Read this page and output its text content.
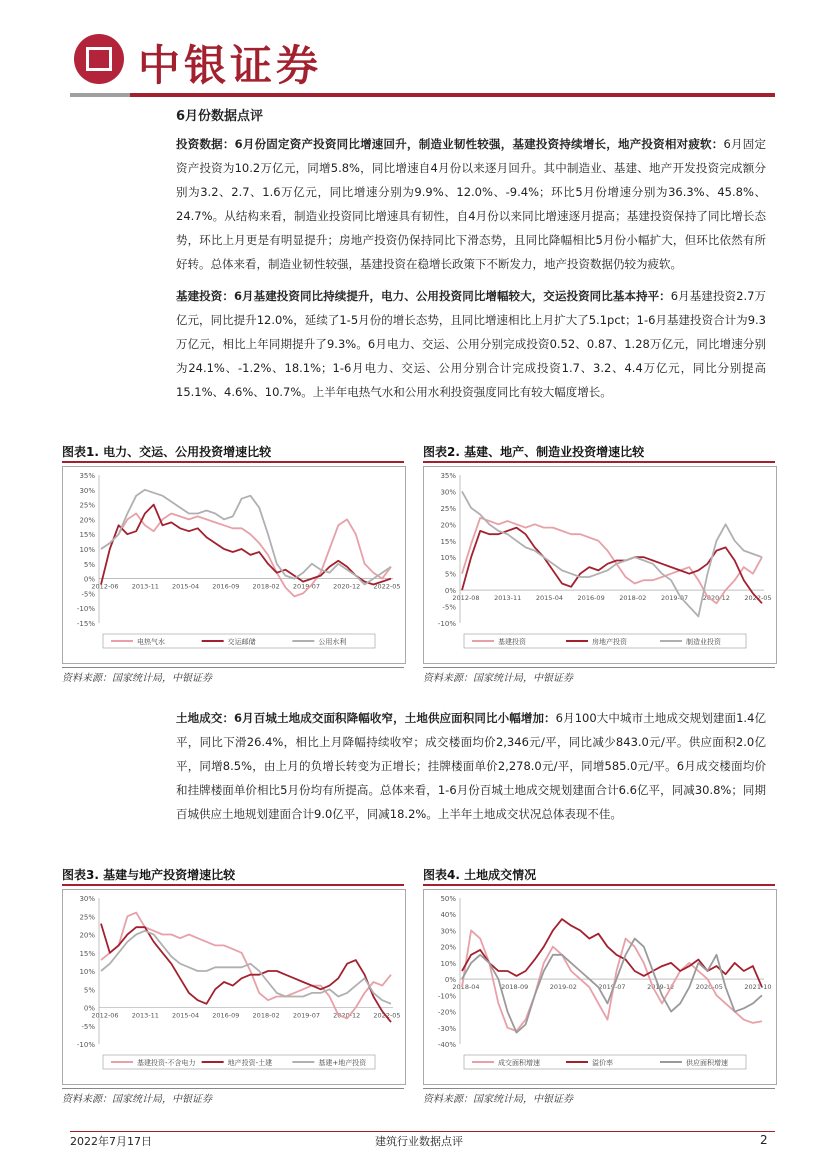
中银证券
6月份数据点评
投资数据：6月份固定资产投资同比增速回升，制造业韧性较强，基建投资持续增长，地产投资相对疲软：6月固定资产投资为10.2万亿元，同增5.8%，同比增速自4月份以来逐月回升。其中制造业、基建、地产开发投资完成额分别为3.2、2.7、1.6万亿元，同比增速分别为9.9%、12.0%、-9.4%；环比5月份增速分别为36.3%、45.8%、24.7%。从结构来看，制造业投资同比增速具有韧性，自4月份以来同比增速逐月提高；基建投资保持了同比增长态势，环比上月更是有明显提升；房地产投资仍保持同比下滑态势，且同比降幅相比5月份小幅扩大，但环比依然有所好转。总体来看，制造业韧性较强，基建投资在稳增长政策下不断发力，地产投资数据仍较为疲软。
基建投资：6月基建投资同比持续提升，电力、公用投资同比增幅较大，交运投资同比基本持平：6月基建投资2.7万亿元，同比提升12.0%，延续了1-5月份的增长态势，且同比增速相比上月扩大了5.1pct；1-6月基建投资合计为9.3万亿元，相比上年同期提升了9.3%。6月电力、交运、公用分别完成投资0.52、0.87、1.28万亿元，同比增速分别为24.1%、-1.2%、18.1%；1-6月电力、交运、公用分别合计完成投资1.7、3.2、4.4万亿元，同比分别提高15.1%、4.6%、10.7%。上半年电热气水和公用水利投资强度同比有较大幅度增长。
图表1. 电力、交运、公用投资增速比较
35%
30%
25%
20%
15%
10%
5%
0%
-5%
-10%
-15%
2012-06 2013-11 2015-04 2016-09 2018-02 2019-07 2020-12 2022-05
电热气水	交运邮储	公用水利
资料来源：国家统计局，中银证券
图表2. 基建、地产、制造业投资增速比较
35%
30%
25%
20%
15%
10%
5%
0%
-5%
-10%
2012-08 2013-11 2015-04 2016-09 2018-02 2019-07 2020-12 2022-05
基建投资	房地产投资	制造业投资
资料来源：国家统计局，中银证券
土地成交：6月百城土地成交面积降幅收窄，土地供应面积同比小幅增加：6月100大中城市土地成交规划建面1.4亿平，同比下滑26.4%，相比上月降幅持续收窄；成交楼面均价2,346元/平，同比减少843.0元/平。供应面积2.0亿平，同增8.5%，由上月的负增长转变为正增长；挂牌楼面单价2,278.0元/平，同增585.0元/平。6月成交楼面均价和挂牌楼面单价相比5月份均有所提高。总体来看，1-6月份百城土地成交规划建面合计6.6亿平，同减30.8%；同期百城供应土地规划建面合计9.0亿平，同减18.2%。上半年土地成交状况总体表现不佳。
图表3. 基建与地产投资增速比较
30%
25%
20%
15%
10%
5%
0%
-5%
-10%
2012-06 2013-11 2015-04 2016-09 2018-02 2019-07 2020-12 2022-05
基建投资-不含电力	地产投资-土建	基建+地产投资
资料来源：国家统计局，中银证券
图表4. 土地成交情况
50%
40%
30%
20%
10%
0%
-10%
-20%
-30%
-40%
2018-04	2018-09	2019-02	2019-07	2019-12	2020-05	2021-10
成交面积增速	溢价率	供应面积增速
资料来源：国家统计局，中银证券
2022年7月17日	建筑行业数据点评	2
